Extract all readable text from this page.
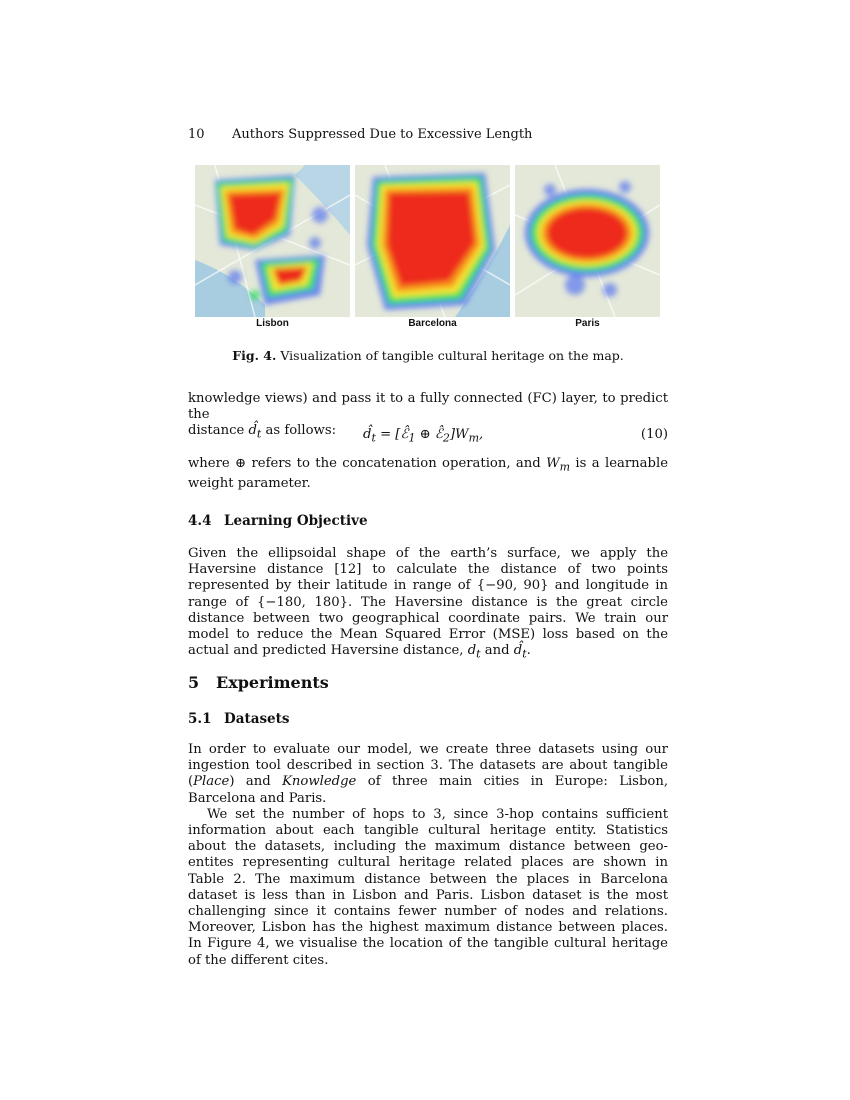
10 Authors Suppressed Due to Excessive Length
Lisbon	Barcelona	Paris
Fig. 4. Visualization of tangible cultural heritage on the map.

knowledge views) and pass it to a fully connected (FC) layer, to predict the

distance $d̂_t$ as follows:	$d̂_t$ = [$ℰ̂_1$ ⊕ $ℰ̂_2]W_m$,	(10)

where ⊕ refers to the concatenation operation, and $W_m$ is a learnable weight parameter.

4.4 Learning Objective

Given the ellipsoidal shape of the earth’s surface, we apply the Haversine distance [12] to calculate the distance of two points represented by their latitude in range of {−90, 90} and longitude in range of {−180, 180}. The Haversine distance is the great circle distance between two geographical coordinate pairs. We train our model to reduce the Mean Squared Error (MSE) loss based on the actual and predicted Haversine distance, $d_t$ and $d̂_t$.

5 Experiments
5.1 Datasets

In order to evaluate our model, we create three datasets using our ingestion tool described in section 3. The datasets are about tangible (Place) and Knowledge of three main cities in Europe: Lisbon, Barcelona and Paris.

We set the number of hops to 3, since 3-hop contains sufficient information about each tangible cultural heritage entity. Statistics about the datasets, including the maximum distance between geo-entites representing cultural heritage related places are shown in Table 2. The maximum distance between the places in Barcelona dataset is less than in Lisbon and Paris. Lisbon dataset is the most challenging since it contains fewer number of nodes and relations. Moreover, Lisbon has the highest maximum distance between places. In Figure 4, we visualise the location of the tangible cultural heritage of the different cites.
